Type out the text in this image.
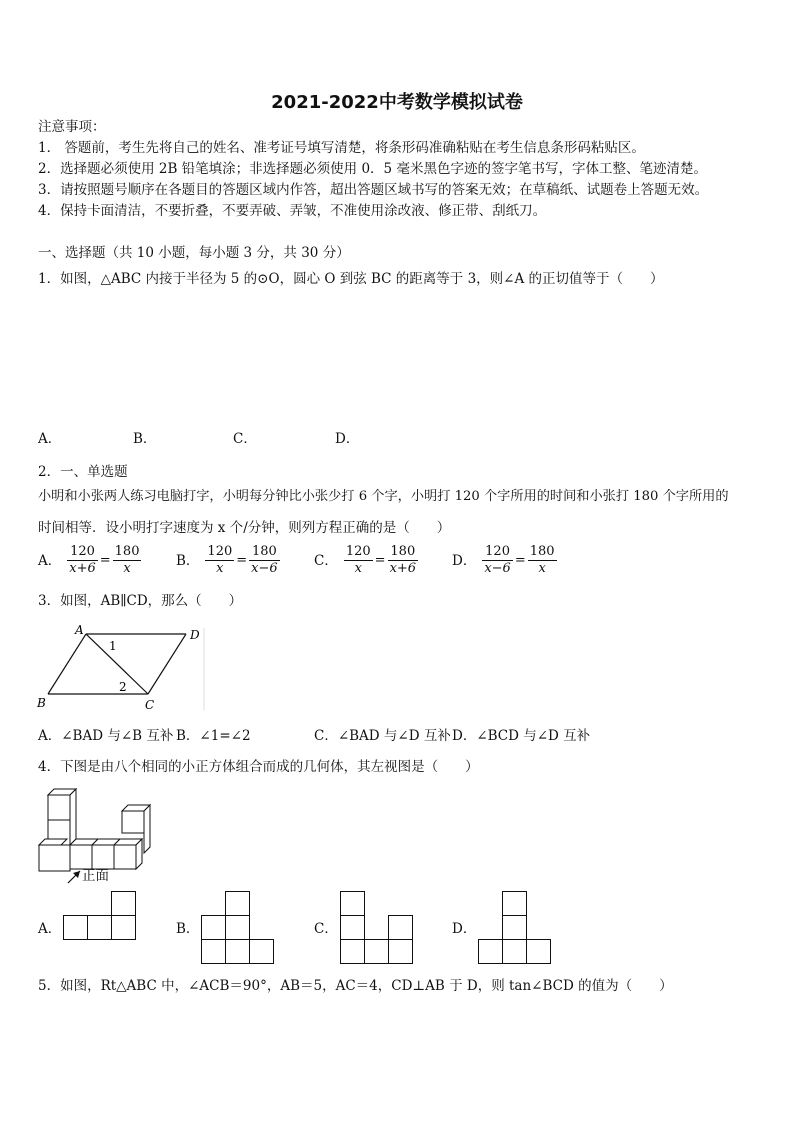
2021-2022中考数学模拟试卷
注意事项：
1． 答题前，考生先将自己的姓名、准考证号填写清楚，将条形码准确粘贴在考生信息条形码粘贴区。
2．选择题必须使用 2B 铅笔填涂；非选择题必须使用 0．5 毫米黑色字迹的签字笔书写，字体工整、笔迹清楚。
3．请按照题号顺序在各题目的答题区域内作答，超出答题区域书写的答案无效；在草稿纸、试题卷上答题无效。
4．保持卡面清洁，不要折叠，不要弄破、弄皱，不准使用涂改液、修正带、刮纸刀。
一、选择题（共 10 小题，每小题 3 分，共 30 分）
1．如图，△ABC 内接于半径为 5 的⊙O，圆心 O 到弦 BC 的距离等于 3，则∠A 的正切值等于（　　）
A．	B．	C．	D．
2．一、单选题
小明和小张两人练习电脑打字，小明每分钟比小张少打 6 个字，小明打 120 个字所用的时间和小张打 180 个字所用的
时间相等．设小明打字速度为 x 个/分钟，则列方程正确的是（　　）
A． $\frac{120}{x+6} = \frac{180}{x}$	B． $\frac{120}{x} = \frac{180}{x-6}$	C． $\frac{120}{x} = \frac{180}{x+6}$	D． $\frac{120}{x-6} = \frac{180}{x}$
3．如图，AB∥CD，那么（　　）
A	D
B	C
1
2
A．∠BAD 与∠B 互补 B．∠1=∠2	C．∠BAD 与∠D 互补 D．∠BCD 与∠D 互补
4．下图是由八个相同的小正方体组合而成的几何体，其左视图是（　　）
正面
A．	B．	C．	D．
5．如图，Rt△ABC 中，∠ACB＝90°，AB＝5，AC＝4，CD⊥AB 于 D，则 tan∠BCD 的值为（　　）
